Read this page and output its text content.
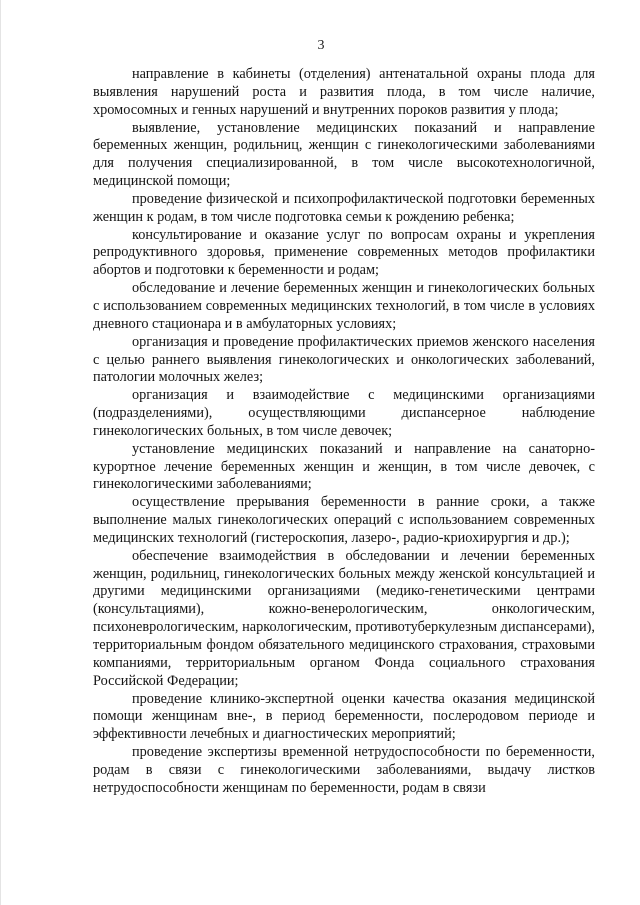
3

направление в кабинеты (отделения) антенатальной охраны плода для выявления нарушений роста и развития плода, в том числе наличие, хромосомных и генных нарушений и внутренних пороков развития у плода;

выявление, установление медицинских показаний и направление беременных женщин, родильниц, женщин с гинекологическими заболеваниями для получения специализированной, в том числе высокотехнологичной, медицинской помощи;

проведение физической и психопрофилактической подготовки беременных женщин к родам, в том числе подготовка семьи к рождению ребенка;

консультирование и оказание услуг по вопросам охраны и укрепления репродуктивного здоровья, применение современных методов профилактики абортов и подготовки к беременности и родам;

обследование и лечение беременных женщин и гинекологических больных с использованием современных медицинских технологий, в том числе в условиях дневного стационара и в амбулаторных условиях;

организация и проведение профилактических приемов женского населения с целью раннего выявления гинекологических и онкологических заболеваний, патологии молочных желез;

организация и взаимодействие с медицинскими организациями (подразделениями), осуществляющими диспансерное наблюдение гинекологических больных, в том числе девочек;

установление медицинских показаний и направление на санаторно-курортное лечение беременных женщин и женщин, в том числе девочек, с гинекологическими заболеваниями;

осуществление прерывания беременности в ранние сроки, а также выполнение малых гинекологических операций с использованием современных медицинских технологий (гистероскопия, лазеро-, радио-криохирургия и др.);

обеспечение взаимодействия в обследовании и лечении беременных женщин, родильниц, гинекологических больных между женской консультацией и другими медицинскими организациями (медико-генетическими центрами (консультациями), кожно-венерологическим, онкологическим, психоневрологическим, наркологическим, противотуберкулезным диспансерами), территориальным фондом обязательного медицинского страхования, страховыми компаниями, территориальным органом Фонда социального страхования Российской Федерации;

проведение клинико-экспертной оценки качества оказания медицинской помощи женщинам вне-, в период беременности, послеродовом периоде и эффективности лечебных и диагностических мероприятий;

проведение экспертизы временной нетрудоспособности по беременности, родам в связи с гинекологическими заболеваниями, выдачу листков нетрудоспособности женщинам по беременности, родам в связи
